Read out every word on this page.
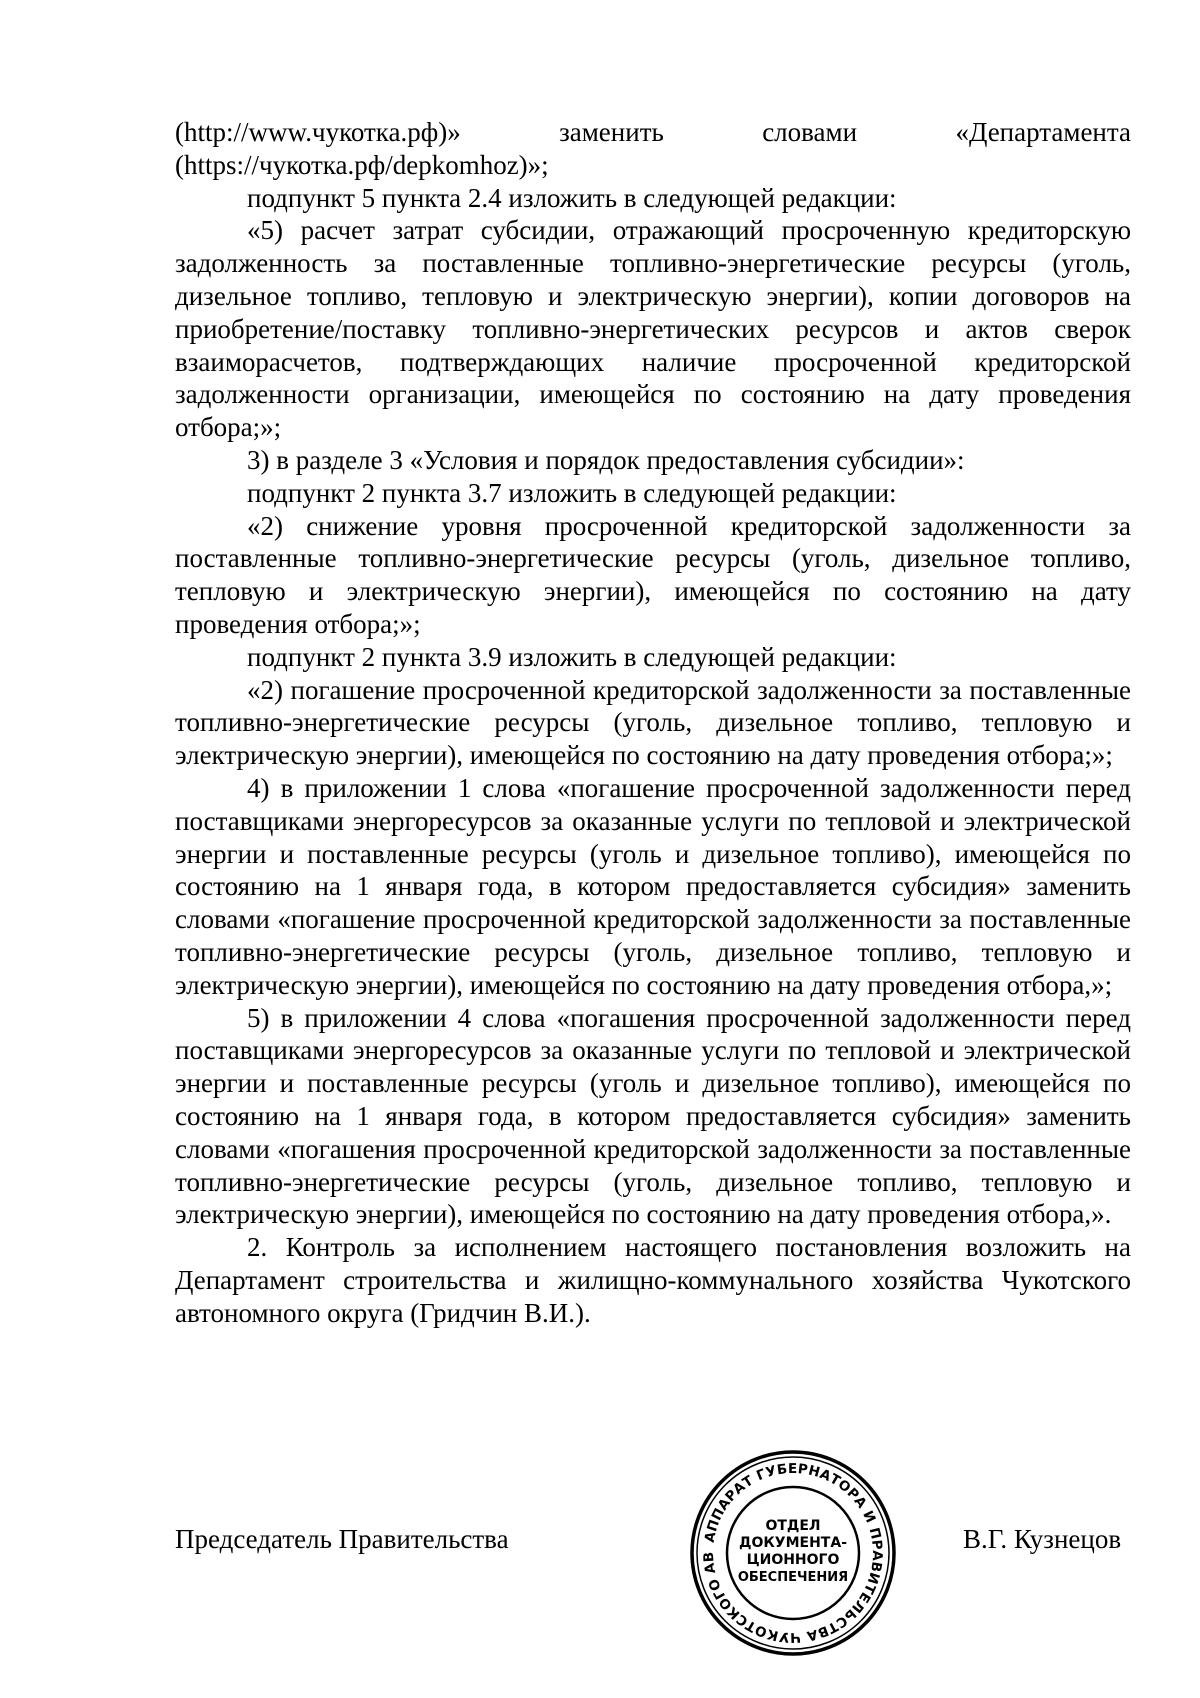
(http://www.чукотка.рф)» заменить словами «Департамента

(https://чукотка.рф/depkomhoz)»;

подпункт 5 пункта 2.4 изложить в следующей редакции:

«5) расчет затрат субсидии, отражающий просроченную кредиторскую задолженность за поставленные топливно-энергетические ресурсы (уголь, дизельное топливо, тепловую и электрическую энергии), копии договоров на приобретение/поставку топливно-энергетических ресурсов и актов сверок взаиморасчетов, подтверждающих наличие просроченной кредиторской задолженности организации, имеющейся по состоянию на дату проведения отбора;»;

3) в разделе 3 «Условия и порядок предоставления субсидии»:

подпункт 2 пункта 3.7 изложить в следующей редакции:

«2) снижение уровня просроченной кредиторской задолженности за поставленные топливно-энергетические ресурсы (уголь, дизельное топливо, тепловую и электрическую энергии), имеющейся по состоянию на дату проведения отбора;»;

подпункт 2 пункта 3.9 изложить в следующей редакции:

«2) погашение просроченной кредиторской задолженности за поставленные топливно-энергетические ресурсы (уголь, дизельное топливо, тепловую и электрическую энергии), имеющейся по состоянию на дату проведения отбора;»;

4) в приложении 1 слова «погашение просроченной задолженности перед поставщиками энергоресурсов за оказанные услуги по тепловой и электрической энергии и поставленные ресурсы (уголь и дизельное топливо), имеющейся по состоянию на 1 января года, в котором предоставляется субсидия» заменить словами «погашение просроченной кредиторской задолженности за поставленные топливно-энергетические ресурсы (уголь, дизельное топливо, тепловую и электрическую энергии), имеющейся по состоянию на дату проведения отбора,»;

5) в приложении 4 слова «погашения просроченной задолженности перед поставщиками энергоресурсов за оказанные услуги по тепловой и электрической энергии и поставленные ресурсы (уголь и дизельное топливо), имеющейся по состоянию на 1 января года, в котором предоставляется субсидия» заменить словами «погашения просроченной кредиторской задолженности за поставленные топливно-энергетические ресурсы (уголь, дизельное топливо, тепловую и электрическую энергии), имеющейся по состоянию на дату проведения отбора,».

2. Контроль за исполнением настоящего постановления возложить на Департамент строительства и жилищно-коммунального хозяйства Чукотского автономного округа (Гридчин В.И.).

Председатель Правительства	АППАРАТ ГУБЕРНАТОРА И ПРАВИТЕЛЬСТВА ЧУКОТСКОГО АВ
ОТДЕЛ
ДОКУМЕНТА-
ЦИОННОГО
ОБЕСПЕЧЕНИЯ
В.Г. Кузнецов
